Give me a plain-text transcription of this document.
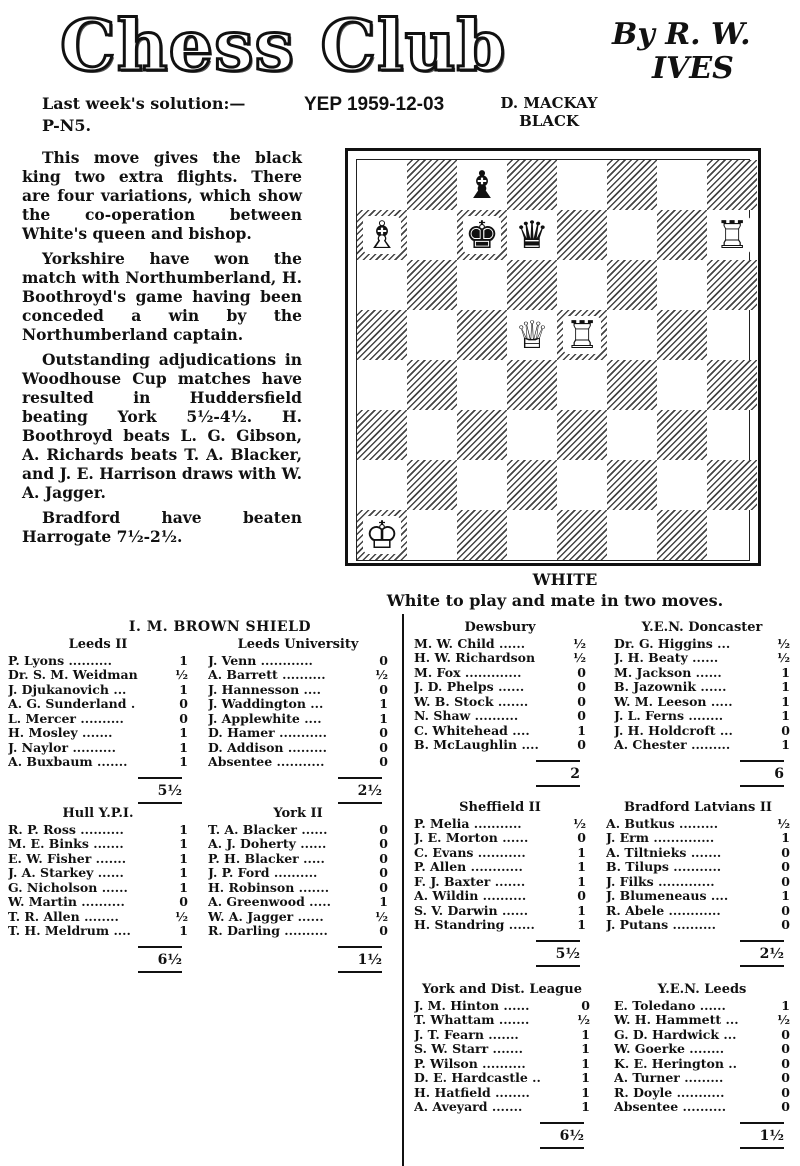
Chess Club	By R. W.
IVES
Last week's solution:—
P-N5.
YEP 1959-12-03	D. MACKAY
BLACK

This move gives the black king two extra flights. There are four variations, which show the co-operation between White's queen and bishop.

Yorkshire have won the match with Northumberland, H. Boothroyd's game having been conceded a win by the Northumberland captain.

Outstanding adjudications in Woodhouse Cup matches have resulted in Huddersfield beating York 5½-4½. H. Boothroyd beats L. G. Gibson, A. Richards beats T. A. Blacker, and J. E. Harrison draws with W. A. Jagger.

Bradford have beaten Harrogate 7½-2½.

♝
♗ ♚ ♛	♖
♕ ♖
♔
WHITE
White to play and mate in two moves.
I. M. BROWN SHIELD
Leeds II
P. Lyons ..........	1
Dr. S. M. Weidman	½
J. Djukanovich ...	1
A. G. Sunderland .	0
L. Mercer ..........	0
H. Mosley .......	1
J. Naylor ..........	1
A. Buxbaum .......	1
5½
Leeds University
J. Venn ............	0
A. Barrett ..........	½
J. Hannesson ....	0
J. Waddington ...	1
J. Applewhite ....	1
D. Hamer ...........	0
D. Addison .........	0
Absentee ...........	0
2½
Hull Y.P.I.
R. P. Ross ..........	1
M. E. Binks .......	1
E. W. Fisher .......	1
J. A. Starkey ......	1
G. Nicholson ......	1
W. Martin ..........	0
T. R. Allen ........	½
T. H. Meldrum ....	1
6½
York II
T. A. Blacker ......	0
A. J. Doherty ......	0
P. H. Blacker .....	0
J. P. Ford ..........	0
H. Robinson .......	0
A. Greenwood .....	1
W. A. Jagger ......	½
R. Darling ..........	0
1½
Dewsbury
M. W. Child ......	½
H. W. Richardson	½
M. Fox .............	0
J. D. Phelps ......	0
W. B. Stock .......	0
N. Shaw ..........	0
C. Whitehead ....	1
B. McLaughlin ....	0
2
Y.E.N. Doncaster
Dr. G. Higgins ...	½
J. H. Beaty ......	½
M. Jackson ......	1
B. Jazownik ......	1
W. M. Leeson .....	1
J. L. Ferns ........	1
J. H. Holdcroft ...	0
A. Chester .........	1
6
Sheffield II
P. Melia ...........	½
J. E. Morton ......	0
C. Evans ...........	1
P. Allen ............	1
F. J. Baxter .......	1
A. Wildin ..........	0
S. V. Darwin ......	1
H. Standring ......	1
5½
Bradford Latvians II
A. Butkus .........	½
J. Erm ..............	1
A. Tiltnieks .......	0
B. Tilups ...........	0
J. Filks .............	0
J. Blumeneaus ....	1
R. Abele ............	0
J. Putans ..........	0
2½
York and Dist. League
J. M. Hinton ......	0
T. Whattam .......	½
J. T. Fearn .......	1
S. W. Starr .......	1
P. Wilson ..........	1
D. E. Hardcastle ..	1
H. Hatfield ........	1
A. Aveyard .......	1
6½
Y.E.N. Leeds
E. Toledano ......	1
W. H. Hammett ...	½
G. D. Hardwick ...	0
W. Goerke ........	0
K. E. Herington ..	0
A. Turner .........	0
R. Doyle ...........	0
Absentee ..........	0
1½
